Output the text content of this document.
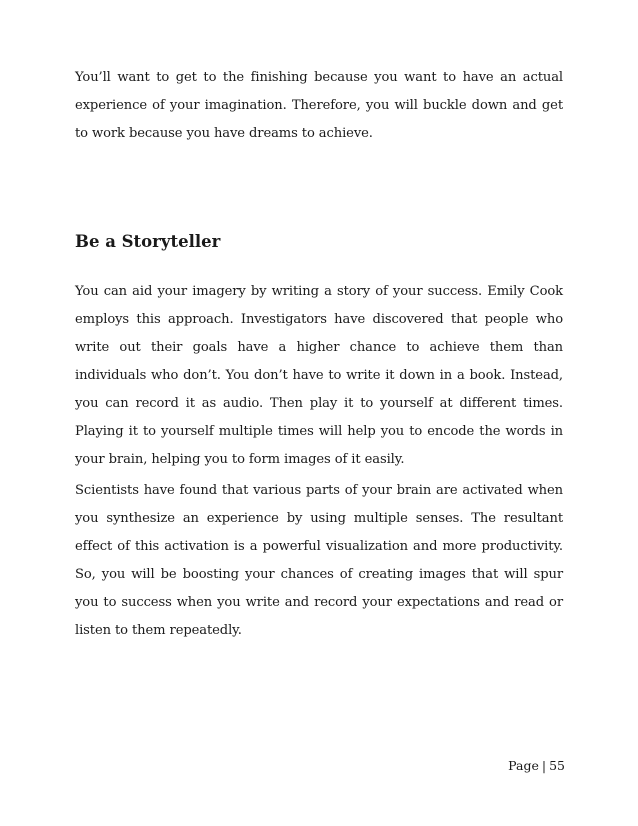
You’ll want to get to the finishing because you want to have an actual experience of your imagination. Therefore, you will buckle down and get to work because you have dreams to achieve.

Be a Storyteller

You can aid your imagery by writing a story of your success. Emily Cook employs this approach. Investigators have discovered that people who write out their goals have a higher chance to achieve them than individuals who don’t. You don’t have to write it down in a book. Instead, you can record it as audio. Then play it to yourself at different times. Playing it to yourself multiple times will help you to encode the words in your brain, helping you to form images of it easily.

Scientists have found that various parts of your brain are activated when you synthesize an experience by using multiple senses. The resultant effect of this activation is a powerful visualization and more productivity. So, you will be boosting your chances of creating images that will spur you to success when you write and record your expectations and read or listen to them repeatedly.

Page | 55
